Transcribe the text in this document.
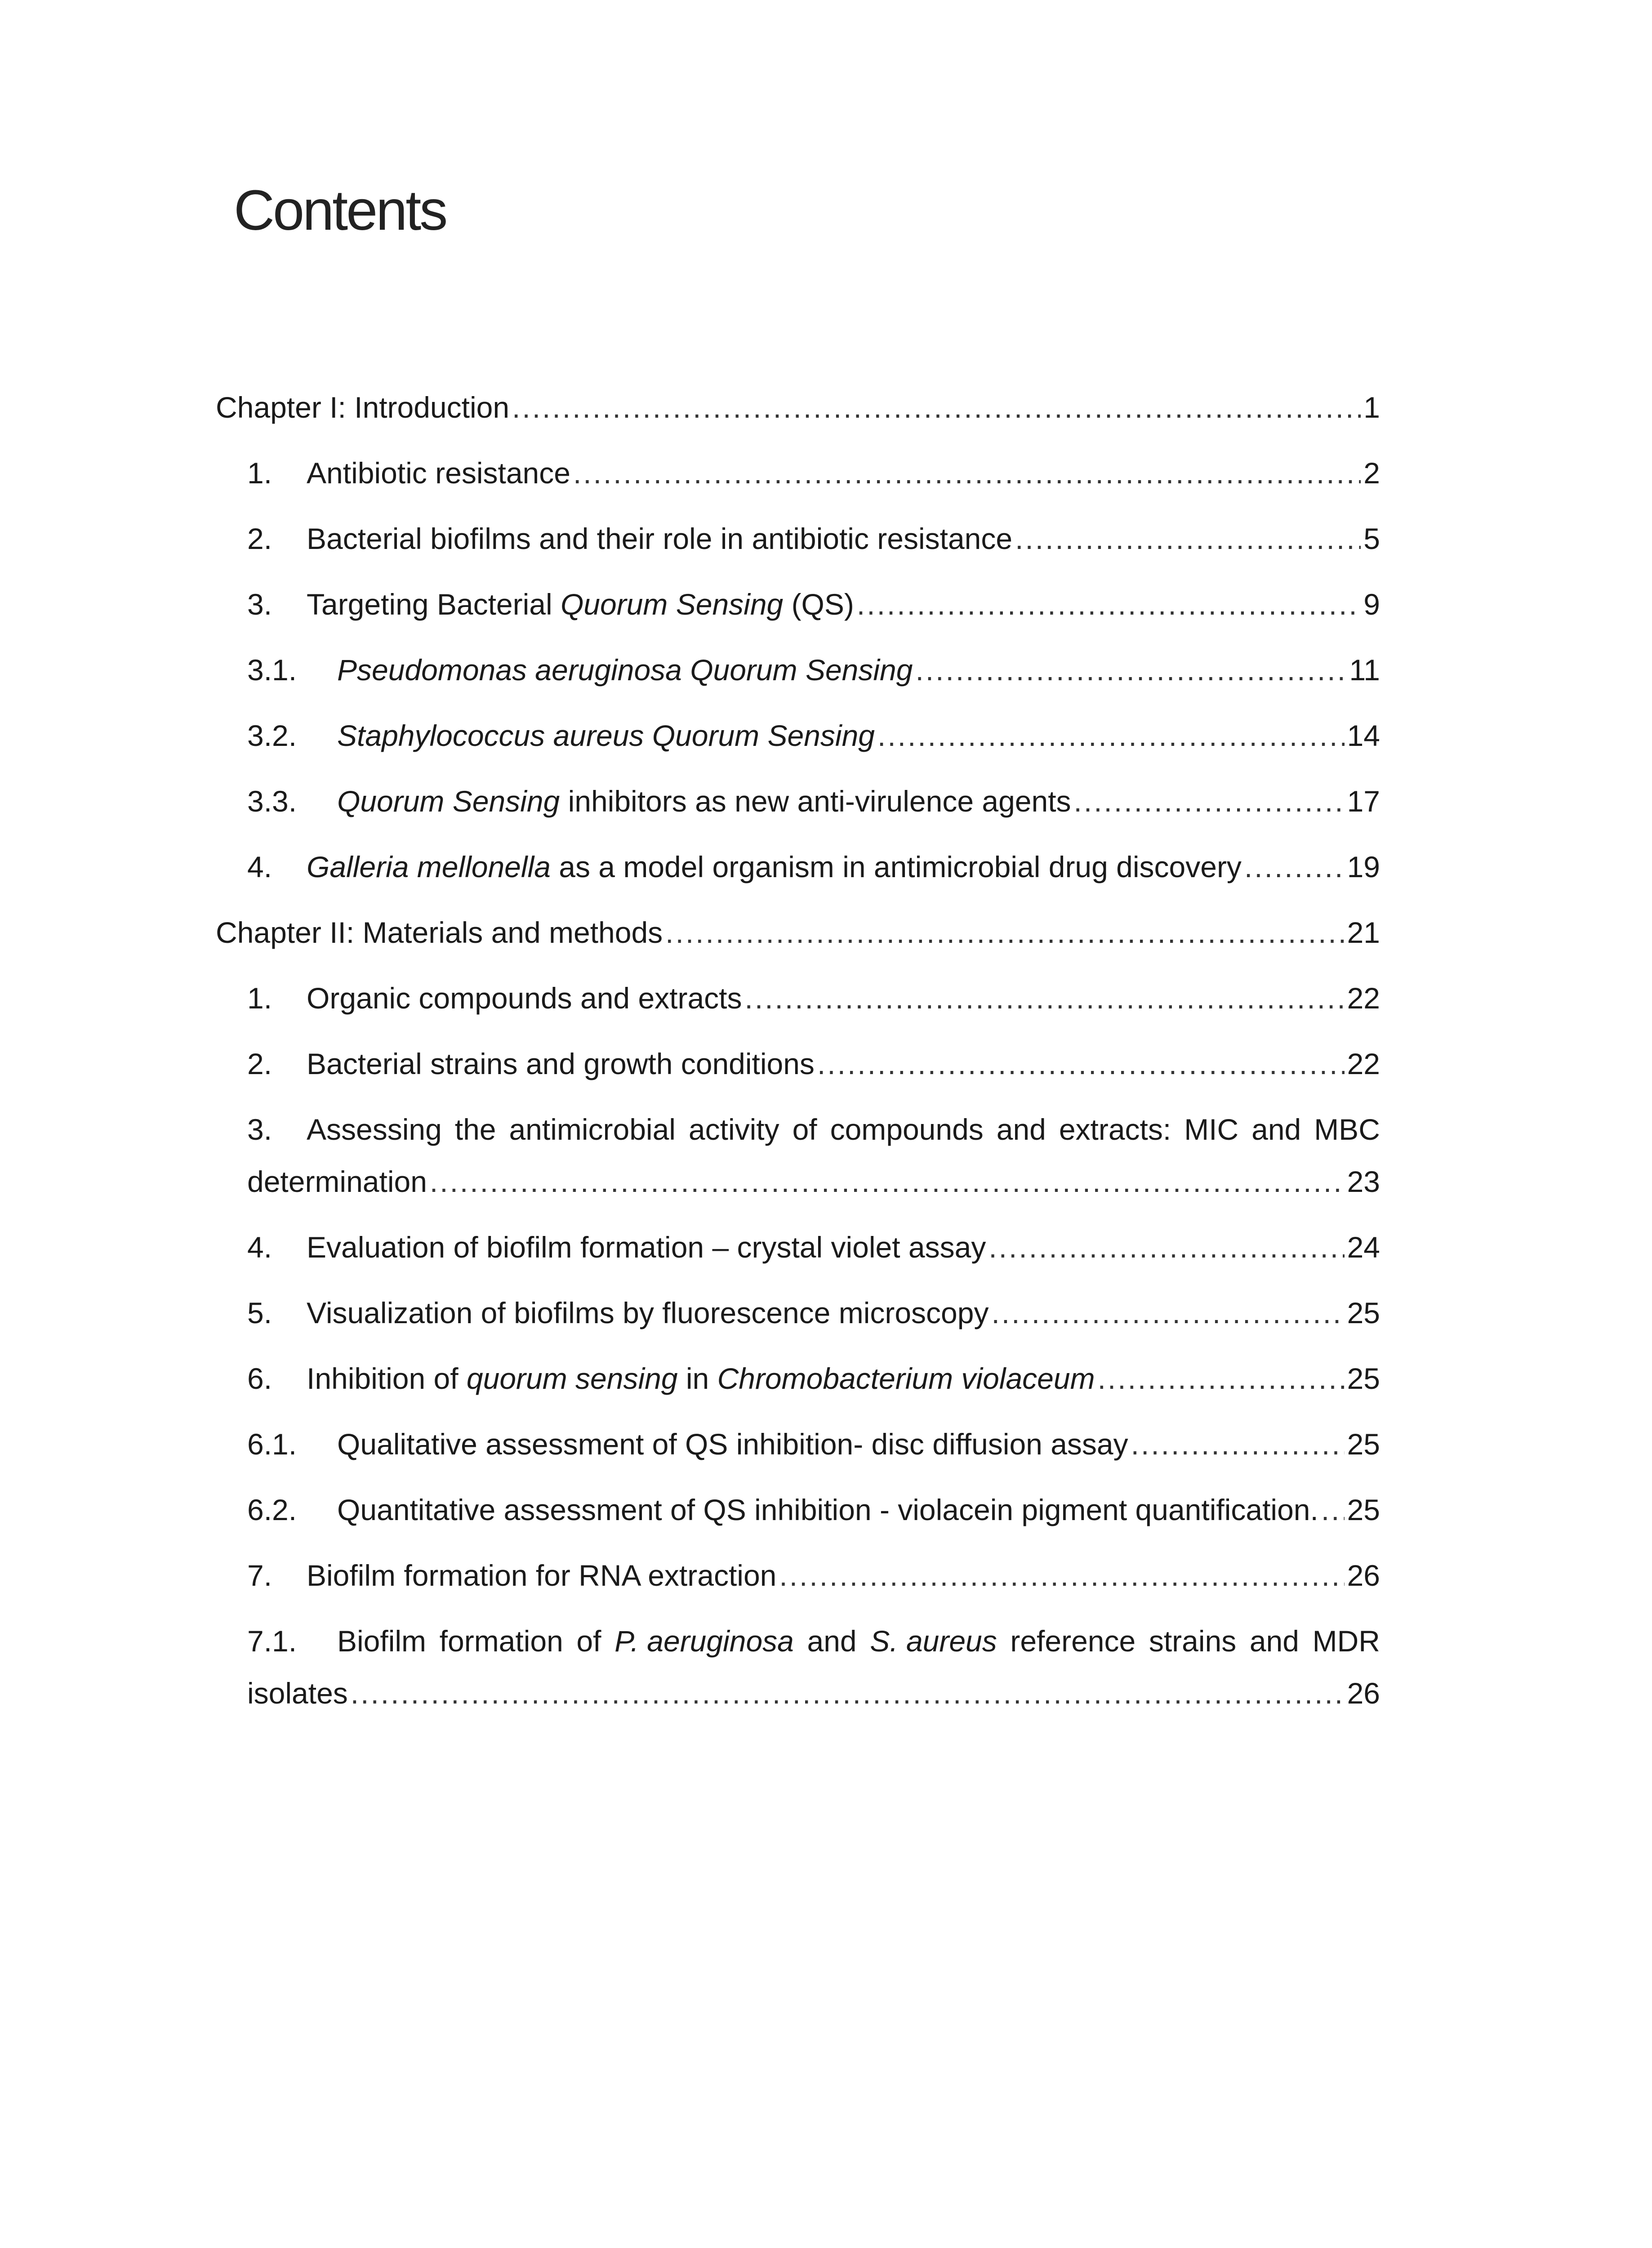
Contents
Chapter I: Introduction .....	1
1. Antibiotic resistance .....	2
2. Bacterial biofilms and their role in antibiotic resistance .....	5
3. Targeting Bacterial Quorum Sensing (QS) .....	9
3.1. Pseudomonas aeruginosa Quorum Sensing .....	11
3.2. Staphylococcus aureus Quorum Sensing .....	14
3.3. Quorum Sensing inhibitors as new anti-virulence agents .....	17
4. Galleria mellonella as a model organism in antimicrobial drug discovery .....	19
Chapter II: Materials and methods .....	21
1. Organic compounds and extracts .....	22
2. Bacterial strains and growth conditions .....	22
3. Assessing the antimicrobial activity of compounds and extracts: MIC and MBC
determination .....	23
4. Evaluation of biofilm formation – crystal violet assay .....	24
5. Visualization of biofilms by fluorescence microscopy .....	25
6. Inhibition of quorum sensing in Chromobacterium violaceum .....	25
6.1. Qualitative assessment of QS inhibition- disc diffusion assay .....	25
6.2. Quantitative assessment of QS inhibition - violacein pigment quantification. ..... 25
7. Biofilm formation for RNA extraction .....	26
7.1. Biofilm formation of P. aeruginosa and S. aureus reference strains and MDR
isolates .....	26
